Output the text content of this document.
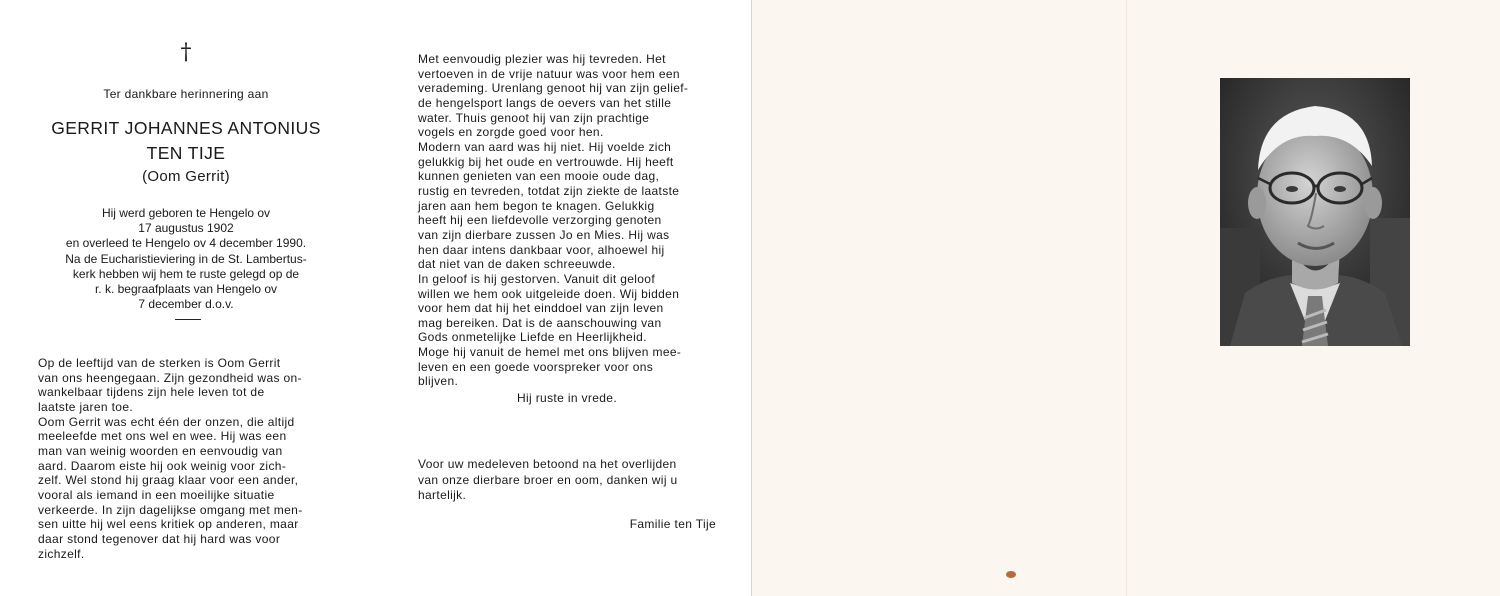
†
Ter dankbare herinnering aan
GERRIT JOHANNES ANTONIUS
TEN TIJE
(Oom Gerrit)
Hij werd geboren te Hengelo ov
17 augustus 1902
en overleed te Hengelo ov 4 december 1990.
Na de Eucharistieviering in de St. Lambertus-
kerk hebben wij hem te ruste gelegd op de
r. k. begraafplaats van Hengelo ov
7 december d.o.v.
Op de leeftijd van de sterken is Oom Gerrit
van ons heengegaan. Zijn gezondheid was on-
wankelbaar tijdens zijn hele leven tot de
laatste jaren toe.
Oom Gerrit was echt één der onzen, die altijd
meeleefde met ons wel en wee. Hij was een
man van weinig woorden en eenvoudig van
aard. Daarom eiste hij ook weinig voor zich-
zelf. Wel stond hij graag klaar voor een ander,
vooral als iemand in een moeilijke situatie
verkeerde. In zijn dagelijkse omgang met men-
sen uitte hij wel eens kritiek op anderen, maar
daar stond tegenover dat hij hard was voor
zichzelf.
Met eenvoudig plezier was hij tevreden. Het
vertoeven in de vrije natuur was voor hem een
verademing. Urenlang genoot hij van zijn gelief-
de hengelsport langs de oevers van het stille
water. Thuis genoot hij van zijn prachtige
vogels en zorgde goed voor hen.
Modern van aard was hij niet. Hij voelde zich
gelukkig bij het oude en vertrouwde. Hij heeft
kunnen genieten van een mooie oude dag,
rustig en tevreden, totdat zijn ziekte de laatste
jaren aan hem begon te knagen. Gelukkig
heeft hij een liefdevolle verzorging genoten
van zijn dierbare zussen Jo en Mies. Hij was
hen daar intens dankbaar voor, alhoewel hij
dat niet van de daken schreeuwde.
In geloof is hij gestorven. Vanuit dit geloof
willen we hem ook uitgeleide doen. Wij bidden
voor hem dat hij het einddoel van zijn leven
mag bereiken. Dat is de aanschouwing van
Gods onmetelijke Liefde en Heerlijkheid.
Moge hij vanuit de hemel met ons blijven mee-
leven en een goede voorspreker voor ons
blijven.
Hij ruste in vrede.
Voor uw medeleven betoond na het overlijden
van onze dierbare broer en oom, danken wij u
hartelijk.
Familie ten Tije
